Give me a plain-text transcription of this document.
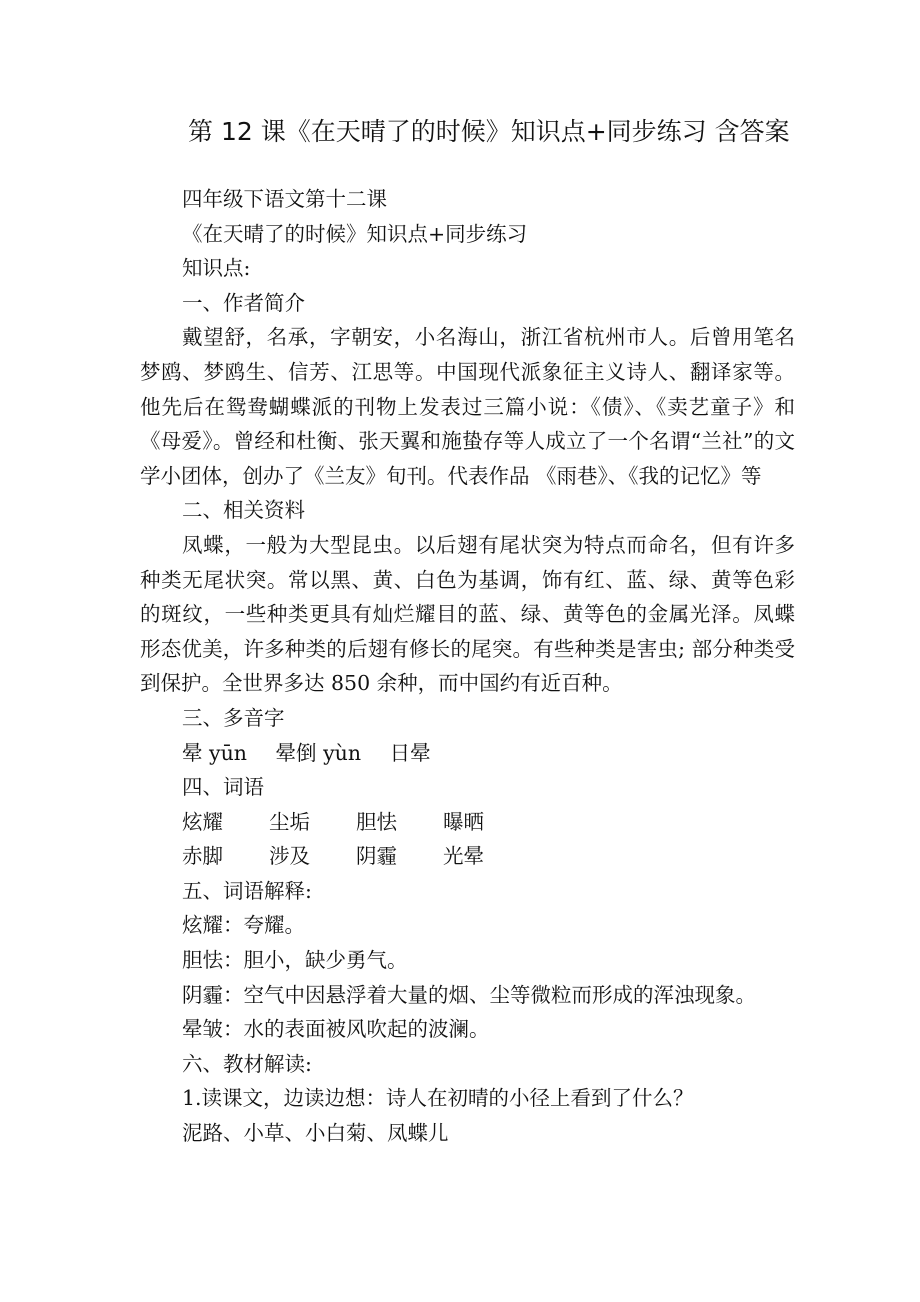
第 12 课《在天晴了的时候》知识点+同步练习 含答案
四年级下语文第十二课
《在天晴了的时候》知识点+同步练习
知识点:
一、作者简介

戴望舒，名承，字朝安，小名海山，浙江省杭州市人。后曾用笔名梦鸥、梦鸥生、信芳、江思等。中国现代派象征主义诗人、翻译家等。他先后在鸳鸯蝴蝶派的刊物上发表过三篇小说：《债》、《卖艺童子》和《母爱》。曾经和杜衡、张天翼和施蛰存等人成立了一个名谓“兰社”的文学小团体，创办了《兰友》旬刊。代表作品 《雨巷》、《我的记忆》等

二、相关资料

凤蝶，一般为大型昆虫。以后翅有尾状突为特点而命名，但有许多种类无尾状突。常以黑、黄、白色为基调，饰有红、蓝、绿、黄等色彩的斑纹，一些种类更具有灿烂耀目的蓝、绿、黄等色的金属光泽。凤蝶形态优美，许多种类的后翅有修长的尾突。有些种类是害虫; 部分种类受到保护。全世界多达 850 余种，而中国约有近百种。

三、多音字
晕 yūn 晕倒 yùn 日晕
四、词语
炫耀	尘垢	胆怯	曝晒
赤脚	涉及	阴霾	光晕
五、词语解释:
炫耀：夸耀。
胆怯：胆小，缺少勇气。
阴霾：空气中因悬浮着大量的烟、尘等微粒而形成的浑浊现象。
晕皱：水的表面被风吹起的波澜。
六、教材解读:
1.读课文，边读边想：诗人在初晴的小径上看到了什么？
泥路、小草、小白菊、凤蝶儿
